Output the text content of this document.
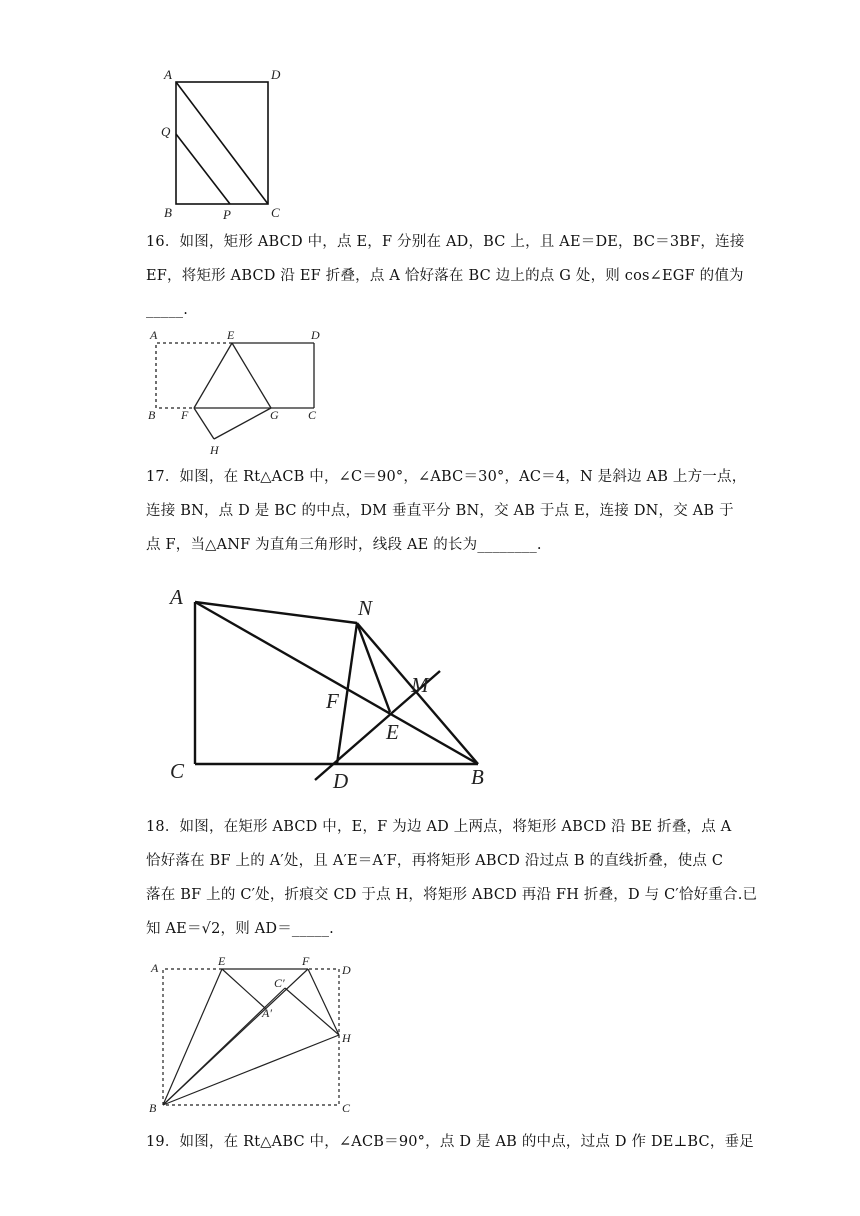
A	D
Q
B	P	C

16．如图，矩形 ABCD 中，点 E，F 分别在 AD，BC 上，且 AE＝DE，BC＝3BF，连接

EF，将矩形 ABCD 沿 EF 折叠，点 A 恰好落在 BC 边上的点 G 处，则 cos∠EGF 的值为

_____.

A	E	D
B F	G C
H

17．如图，在 Rt△ACB 中，∠C＝90°，∠ABC＝30°，AC＝4，N 是斜边 AB 上方一点，

连接 BN，点 D 是 BC 的中点，DM 垂直平分 BN，交 AB 于点 E，连接 DN，交 AB 于

点 F，当△ANF 为直角三角形时，线段 AE 的长为________.

A	N
M
F
E
C	D	B

18．如图，在矩形 ABCD 中，E，F 为边 AD 上两点，将矩形 ABCD 沿 BE 折叠，点 A

恰好落在 BF 上的 A′处，且 A′E＝A′F，再将矩形 ABCD 沿过点 B 的直线折叠，使点 C

落在 BF 上的 C′处，折痕交 CD 于点 H，将矩形 ABCD 再沿 FH 折叠，D 与 C′恰好重合.已

知 AE＝√2，则 AD＝_____.

A	E	F
D
C′
A′
H
B	C

19．如图，在 Rt△ABC 中，∠ACB＝90°，点 D 是 AB 的中点，过点 D 作 DE⊥BC，垂足
